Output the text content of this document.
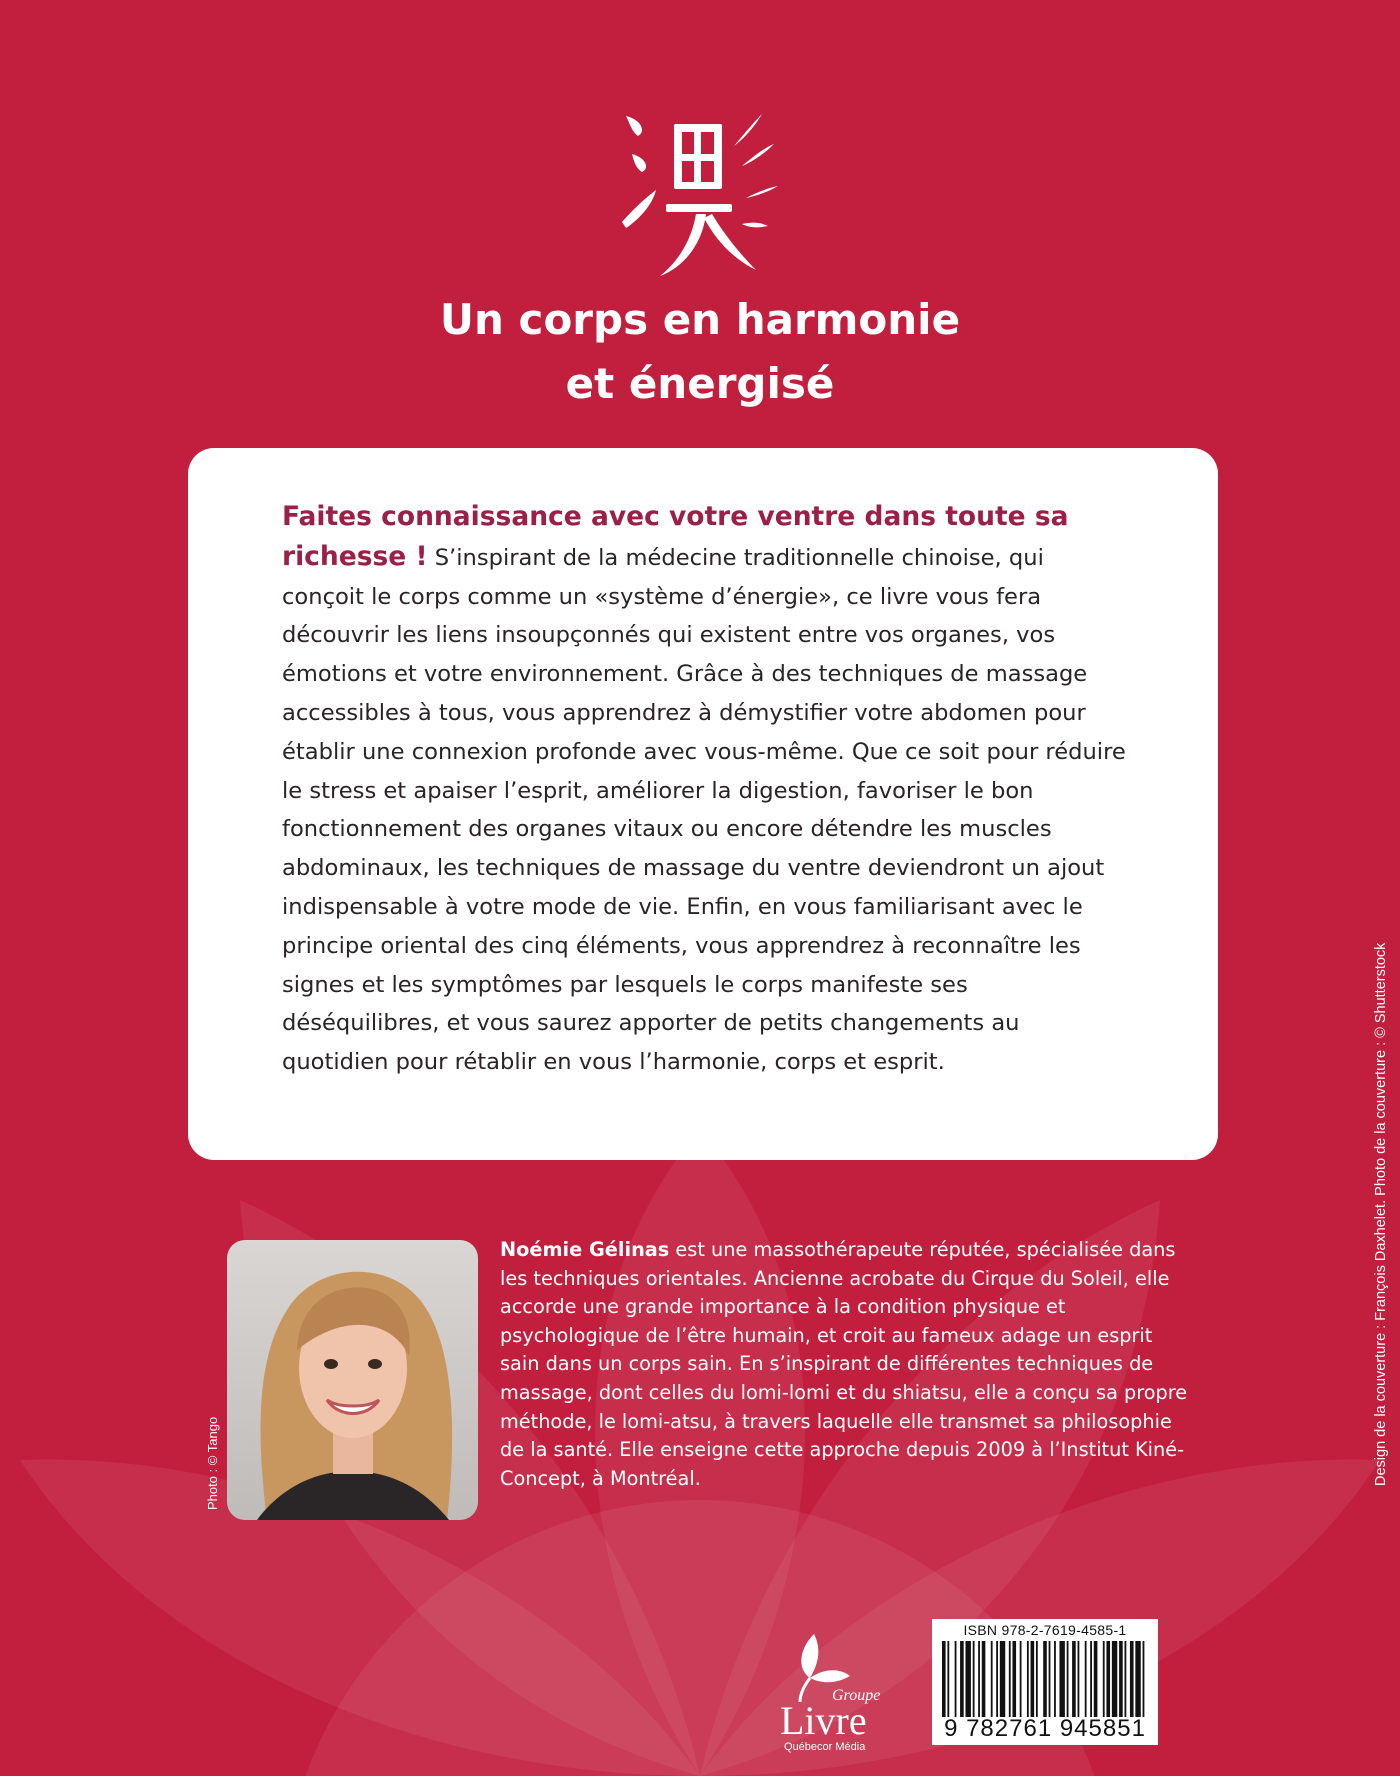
Un corps en harmonie
et énergisé

Faites connaissance avec votre ventre dans toute sa richesse ! S’inspirant de la médecine traditionnelle chinoise, qui conçoit le corps comme un «système d’énergie», ce livre vous fera découvrir les liens insoupçonnés qui existent entre vos organes, vos émotions et votre environnement. Grâce à des techniques de massage accessibles à tous, vous apprendrez à démystifier votre abdomen pour établir une connexion profonde avec vous-même. Que ce soit pour réduire le stress et apaiser l’esprit, améliorer la digestion, favoriser le bon fonctionnement des organes vitaux ou encore détendre les muscles abdominaux, les techniques de massage du ventre deviendront un ajout indispensable à votre mode de vie. Enfin, en vous familiarisant avec le principe oriental des cinq éléments, vous apprendrez à reconnaître les signes et les symptômes par lesquels le corps manifeste ses déséquilibres, et vous saurez apporter de petits changements au quotidien pour rétablir en vous l’harmonie, corps et esprit.

Photo : © Tango

Noémie Gélinas est une massothérapeute réputée, spécialisée dans les techniques orientales. Ancienne acrobate du Cirque du Soleil, elle accorde une grande importance à la condition physique et psychologique de l’être humain, et croit au fameux adage un esprit sain dans un corps sain. En s’inspirant de différentes techniques de massage, dont celles du lomi-lomi et du shiatsu, elle a conçu sa propre méthode, le lomi-atsu, à travers laquelle elle transmet sa philosophie de la santé. Elle enseigne cette approche depuis 2009 à l’Institut Kiné-Concept, à Montréal.	Design de la couverture : François Daxhelet. Photo de la couverture : © Shutterstock
Groupe
Livre
Québecor Média
ISBN 978-2-7619-4585-1
9 782761 945851
